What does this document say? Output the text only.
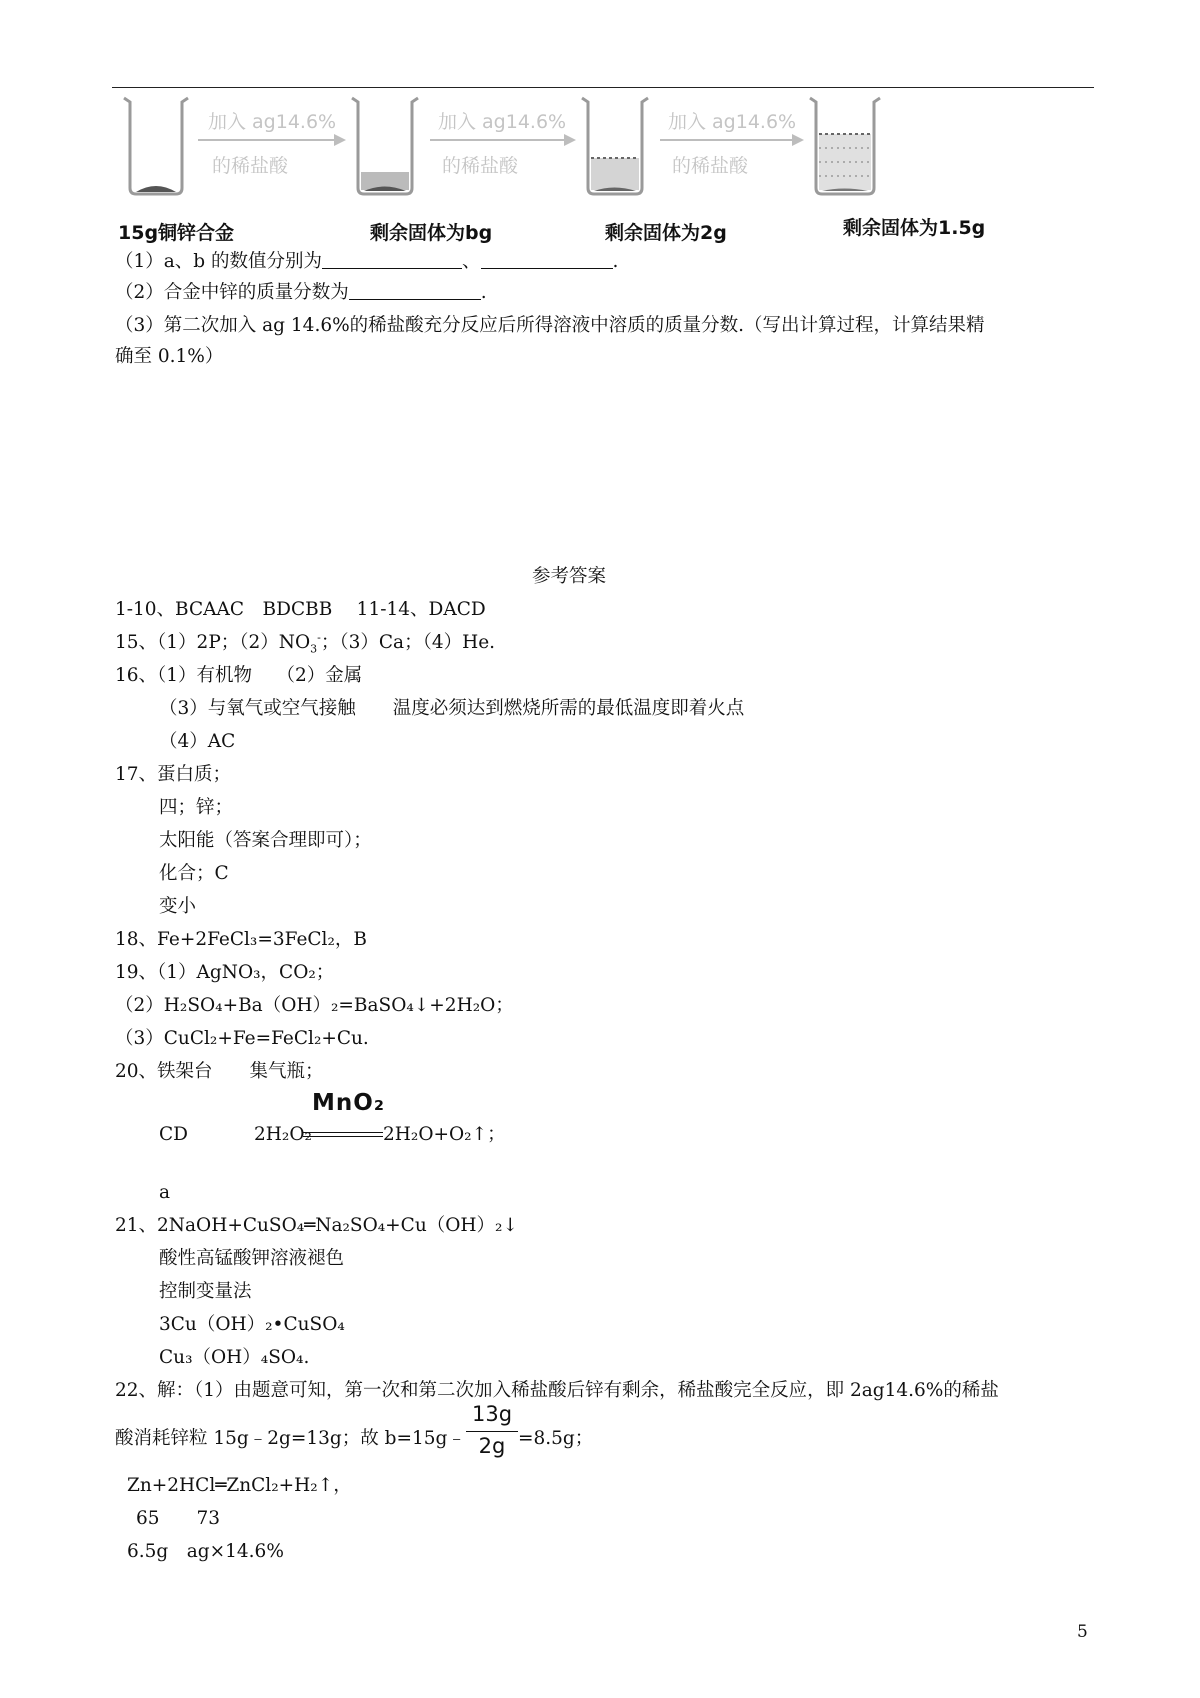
加入 ag14.6%
的稀盐酸
加入 ag14.6%
的稀盐酸
加入 ag14.6%
的稀盐酸
15g铜锌合金	剩余固体为bg	剩余固体为2g	剩余固体为1.5g
（1）a、b 的数值分别为	、	.
（2）合金中锌的质量分数为	.
（3）第二次加入 ag 14.6%的稀盐酸充分反应后所得溶液中溶质的质量分数.（写出计算过程，计算结果精
确至 0.1%）
参考答案
1-10、BCAAC　BDCBB　 11-14、DACD
15、（1）2P；$(2)NO_3^-$；（3）Ca；（4）He.
16、（1）有机物　 （2）金属
（3）与氧气或空气接触　　温度必须达到燃烧所需的最低温度即着火点
（4）AC
17、蛋白质；
四；锌；
太阳能（答案合理即可）；
化合；C
变小
18、Fe+2FeCl₃=3FeCl₂，B
19、（1）AgNO₃，CO₂；
（2）H₂SO₄+Ba（OH）₂=BaSO₄↓+2H₂O；
（3）CuCl₂+Fe=FeCl₂+Cu.
20、铁架台　　集气瓶；
CD	2H₂O₂
MnO₂
2H₂O+O₂↑；
a
21、2NaOH+CuSO₄═Na₂SO₄+Cu（OH）₂↓
酸性高锰酸钾溶液褪色
控制变量法
3Cu（OH）₂•CuSO₄
Cu₃（OH）₄SO₄.
22、解：（1）由题意可知，第一次和第二次加入稀盐酸后锌有剩余，稀盐酸完全反应，即 2ag14.6%的稀盐
酸消耗锌粒 15g﹣2g=13g；故 b=15g﹣
13g
2g =8.5g；
Zn+2HCl═ZnCl₂+H₂↑，
65　　73
6.5g　ag×14.6%
5
